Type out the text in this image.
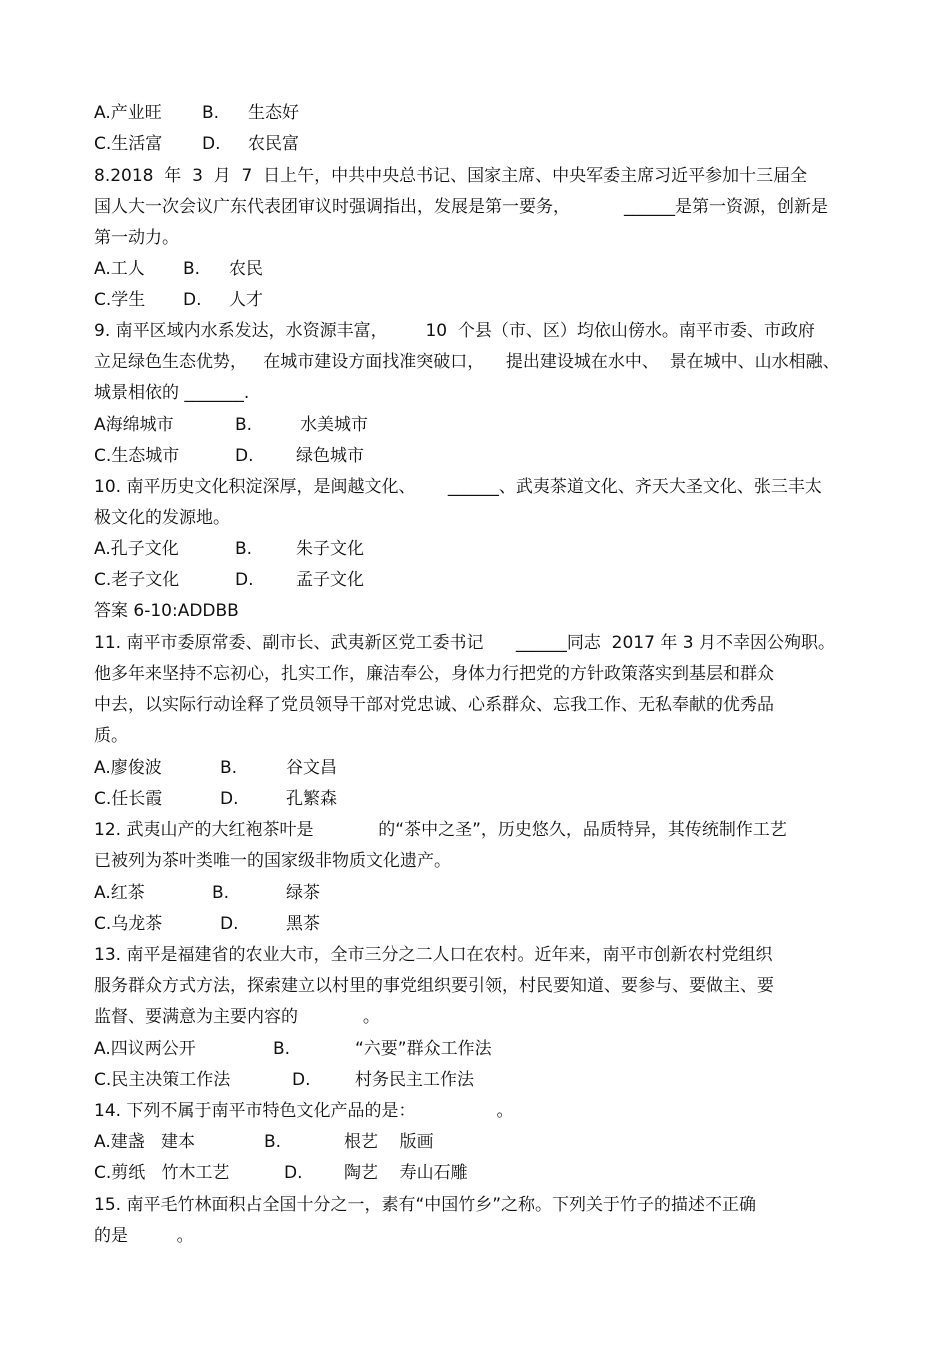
A.产业旺 B. 生态好
C.生活富 D. 农民富
8.2018  年  3  月  7  日上午，中共中央总书记、国家主席、中央军委主席习近平参加十三届全
国人大一次会议广东代表团审议时强调指出，发展是第一要务，          ______是第一资源，创新是
第一动力。
A.工人 B. 农民
C.学生 D. 人才
9. 南平区域内水系发达，水资源丰富，       10  个县（市、区）均依山傍水。南平市委、市政府
立足绿色生态优势，   在城市建设方面找准突破口，    提出建设城在水中、  景在城中、山水相融、
城景相依的 _______.
A海绵城市	B.	水美城市
C.生态城市	D.	绿色城市
10. 南平历史文化积淀深厚，是闽越文化、      ______、武夷茶道文化、齐天大圣文化、张三丰太
极文化的发源地。
A.孔子文化	B.	朱子文化
C.老子文化	D.	孟子文化
答案 6-10:ADDBB
11. 南平市委原常委、副市长、武夷新区党工委书记      ______同志  2017 年 3 月不幸因公殉职。
他多年来坚持不忘初心，扎实工作，廉洁奉公，身体力行把党的方针政策落实到基层和群众
中去，以实际行动诠释了党员领导干部对党忠诚、心系群众、忘我工作、无私奉献的优秀品
质。
A.廖俊波	B.	谷文昌
C.任长霞	D.	孔繁森
12. 武夷山产的大红袍茶叶是            的“茶中之圣”，历史悠久，品质特异，其传统制作工艺
已被列为茶叶类唯一的国家级非物质文化遗产。
A.红茶	B.	绿茶
C.乌龙茶	D.	黑茶
13. 南平是福建省的农业大市，全市三分之二人口在农村。近年来，南平市创新农村党组织
服务群众方式方法，探索建立以村里的事党组织要引领，村民要知道、要参与、要做主、要
监督、要满意为主要内容的            。
A.四议两公开	B.	“六要”群众工作法
C.民主决策工作法	D.	村务民主工作法
14. 下列不属于南平市特色文化产品的是：               。
A.建盏   建本	B.	根艺    版画
C.剪纸   竹木工艺	D. 陶艺    寿山石雕
15. 南平毛竹林面积占全国十分之一，素有“中国竹乡”之称。下列关于竹子的描述不正确
的是         。
